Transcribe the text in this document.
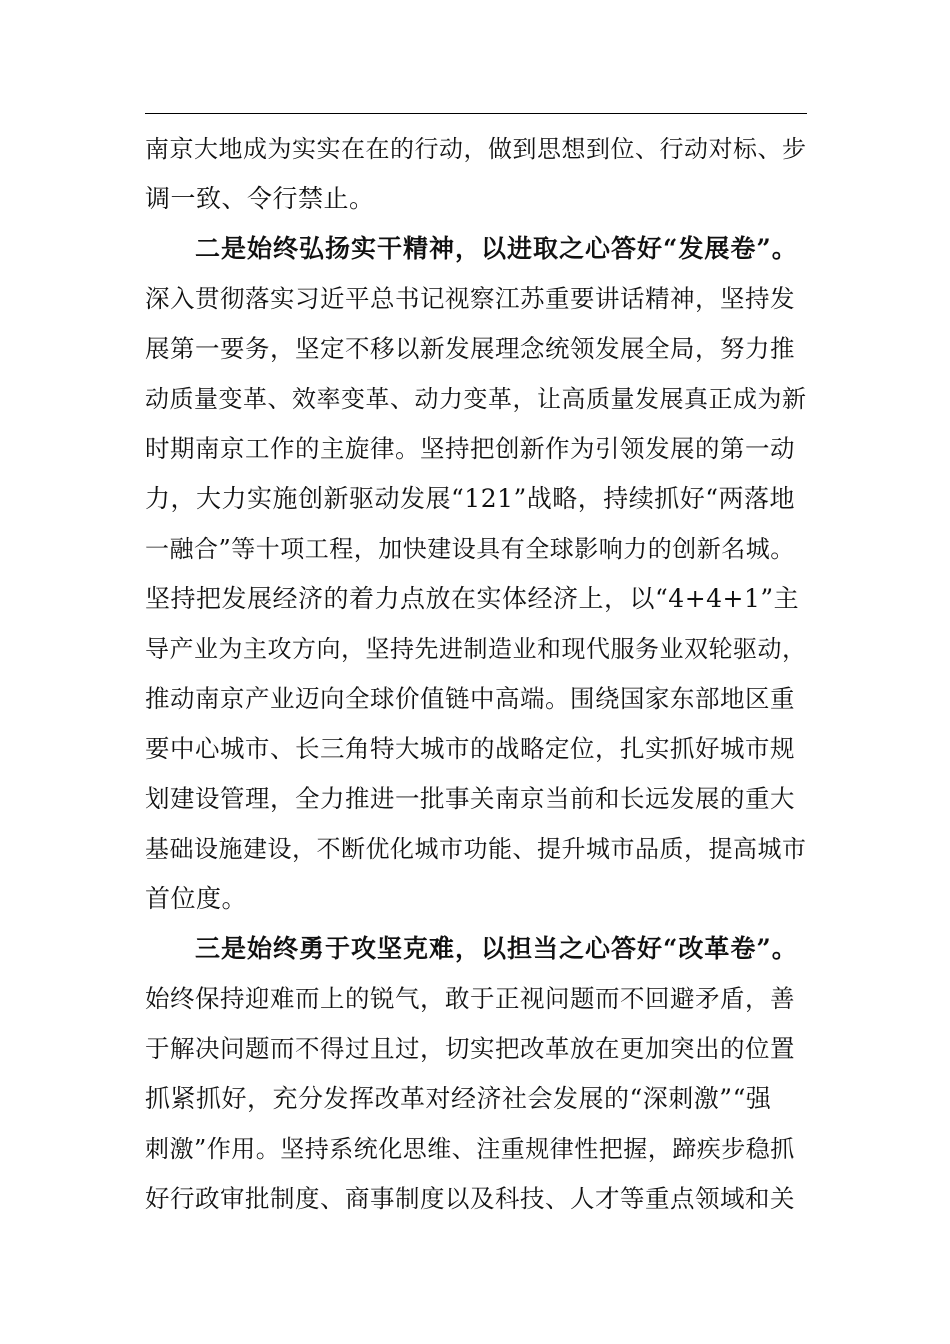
南京大地成为实实在在的行动，做到思想到位、行动对标、步
调一致、令行禁止。
二是始终弘扬实干精神，以进取之心答好“发展卷”。
深入贯彻落实习近平总书记视察江苏重要讲话精神，坚持发
展第一要务，坚定不移以新发展理念统领发展全局，努力推
动质量变革、效率变革、动力变革，让高质量发展真正成为新
时期南京工作的主旋律。坚持把创新作为引领发展的第一动
力，大力实施创新驱动发展“121”战略，持续抓好“两落地
一融合”等十项工程，加快建设具有全球影响力的创新名城。
坚持把发展经济的着力点放在实体经济上，以“4+4+1”主
导产业为主攻方向，坚持先进制造业和现代服务业双轮驱动，
推动南京产业迈向全球价值链中高端。围绕国家东部地区重
要中心城市、长三角特大城市的战略定位，扎实抓好城市规
划建设管理，全力推进一批事关南京当前和长远发展的重大
基础设施建设，不断优化城市功能、提升城市品质，提高城市
首位度。
三是始终勇于攻坚克难，以担当之心答好“改革卷”。
始终保持迎难而上的锐气，敢于正视问题而不回避矛盾，善
于解决问题而不得过且过，切实把改革放在更加突出的位置
抓紧抓好，充分发挥改革对经济社会发展的“深刺激”“强
刺激”作用。坚持系统化思维、注重规律性把握，蹄疾步稳抓
好行政审批制度、商事制度以及科技、人才等重点领域和关
